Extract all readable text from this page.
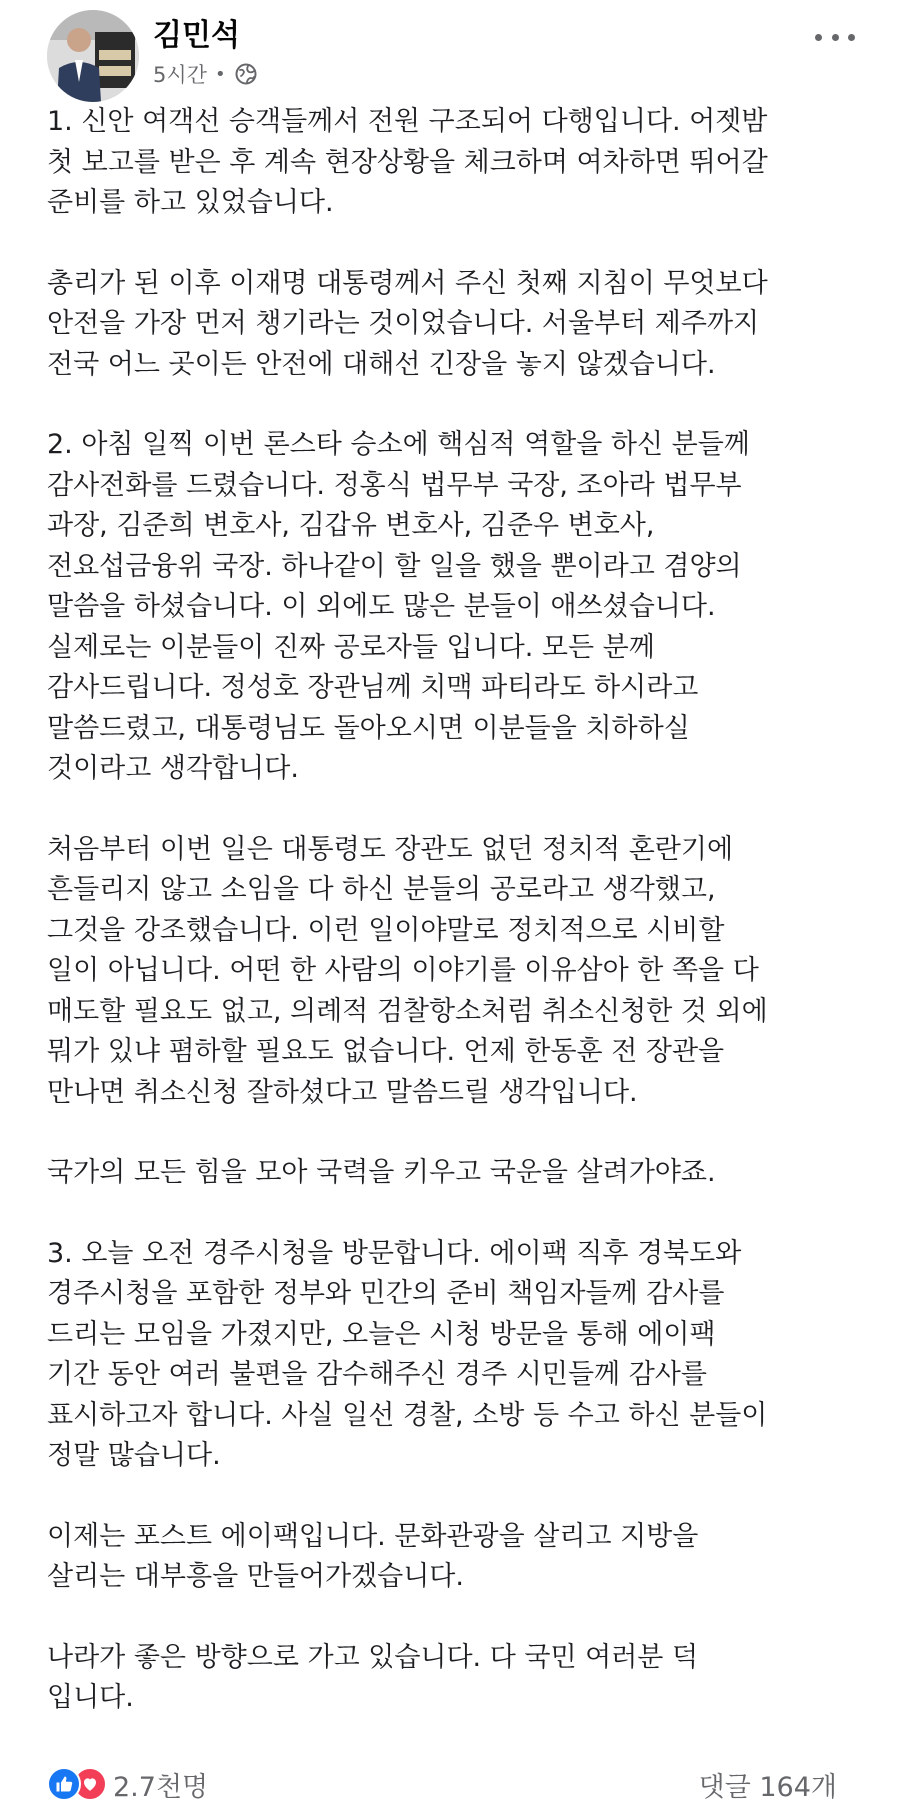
김민석
5시간 •

1. 신안 여객선 승객들께서 전원 구조되어 다행입니다. 어젯밤
첫 보고를 받은 후 계속 현장상황을 체크하며 여차하면 뛰어갈
준비를 하고 있었습니다.

총리가 된 이후 이재명 대통령께서 주신 첫째 지침이 무엇보다
안전을 가장 먼저 챙기라는 것이었습니다. 서울부터 제주까지
전국 어느 곳이든 안전에 대해선 긴장을 놓지 않겠습니다.

2. 아침 일찍 이번 론스타 승소에 핵심적 역할을 하신 분들께
감사전화를 드렸습니다. 정홍식 법무부 국장, 조아라 법무부
과장, 김준희 변호사, 김갑유 변호사, 김준우 변호사,
전요섭금융위 국장. 하나같이 할 일을 했을 뿐이라고 겸양의
말씀을 하셨습니다. 이 외에도 많은 분들이 애쓰셨습니다.
실제로는 이분들이 진짜 공로자들 입니다. 모든 분께
감사드립니다. 정성호 장관님께 치맥 파티라도 하시라고
말씀드렸고, 대통령님도 돌아오시면 이분들을 치하하실
것이라고 생각합니다.

처음부터 이번 일은 대통령도 장관도 없던 정치적 혼란기에
흔들리지 않고 소임을 다 하신 분들의 공로라고 생각했고,
그것을 강조했습니다. 이런 일이야말로 정치적으로 시비할
일이 아닙니다. 어떤 한 사람의 이야기를 이유삼아 한 쪽을 다
매도할 필요도 없고, 의례적 검찰항소처럼 취소신청한 것 외에
뭐가 있냐 폄하할 필요도 없습니다. 언제 한동훈 전 장관을
만나면 취소신청 잘하셨다고 말씀드릴 생각입니다.

국가의 모든 힘을 모아 국력을 키우고 국운을 살려가야죠.

3. 오늘 오전 경주시청을 방문합니다. 에이팩 직후 경북도와
경주시청을 포함한 정부와 민간의 준비 책임자들께 감사를
드리는 모임을 가졌지만, 오늘은 시청 방문을 통해 에이팩
기간 동안 여러 불편을 감수해주신 경주 시민들께 감사를
표시하고자 합니다. 사실 일선 경찰, 소방 등 수고 하신 분들이
정말 많습니다.

이제는 포스트 에이팩입니다. 문화관광을 살리고 지방을
살리는 대부흥을 만들어가겠습니다.

나라가 좋은 방향으로 가고 있습니다. 다 국민 여러분 덕
입니다.

2.7천명	댓글 164개
